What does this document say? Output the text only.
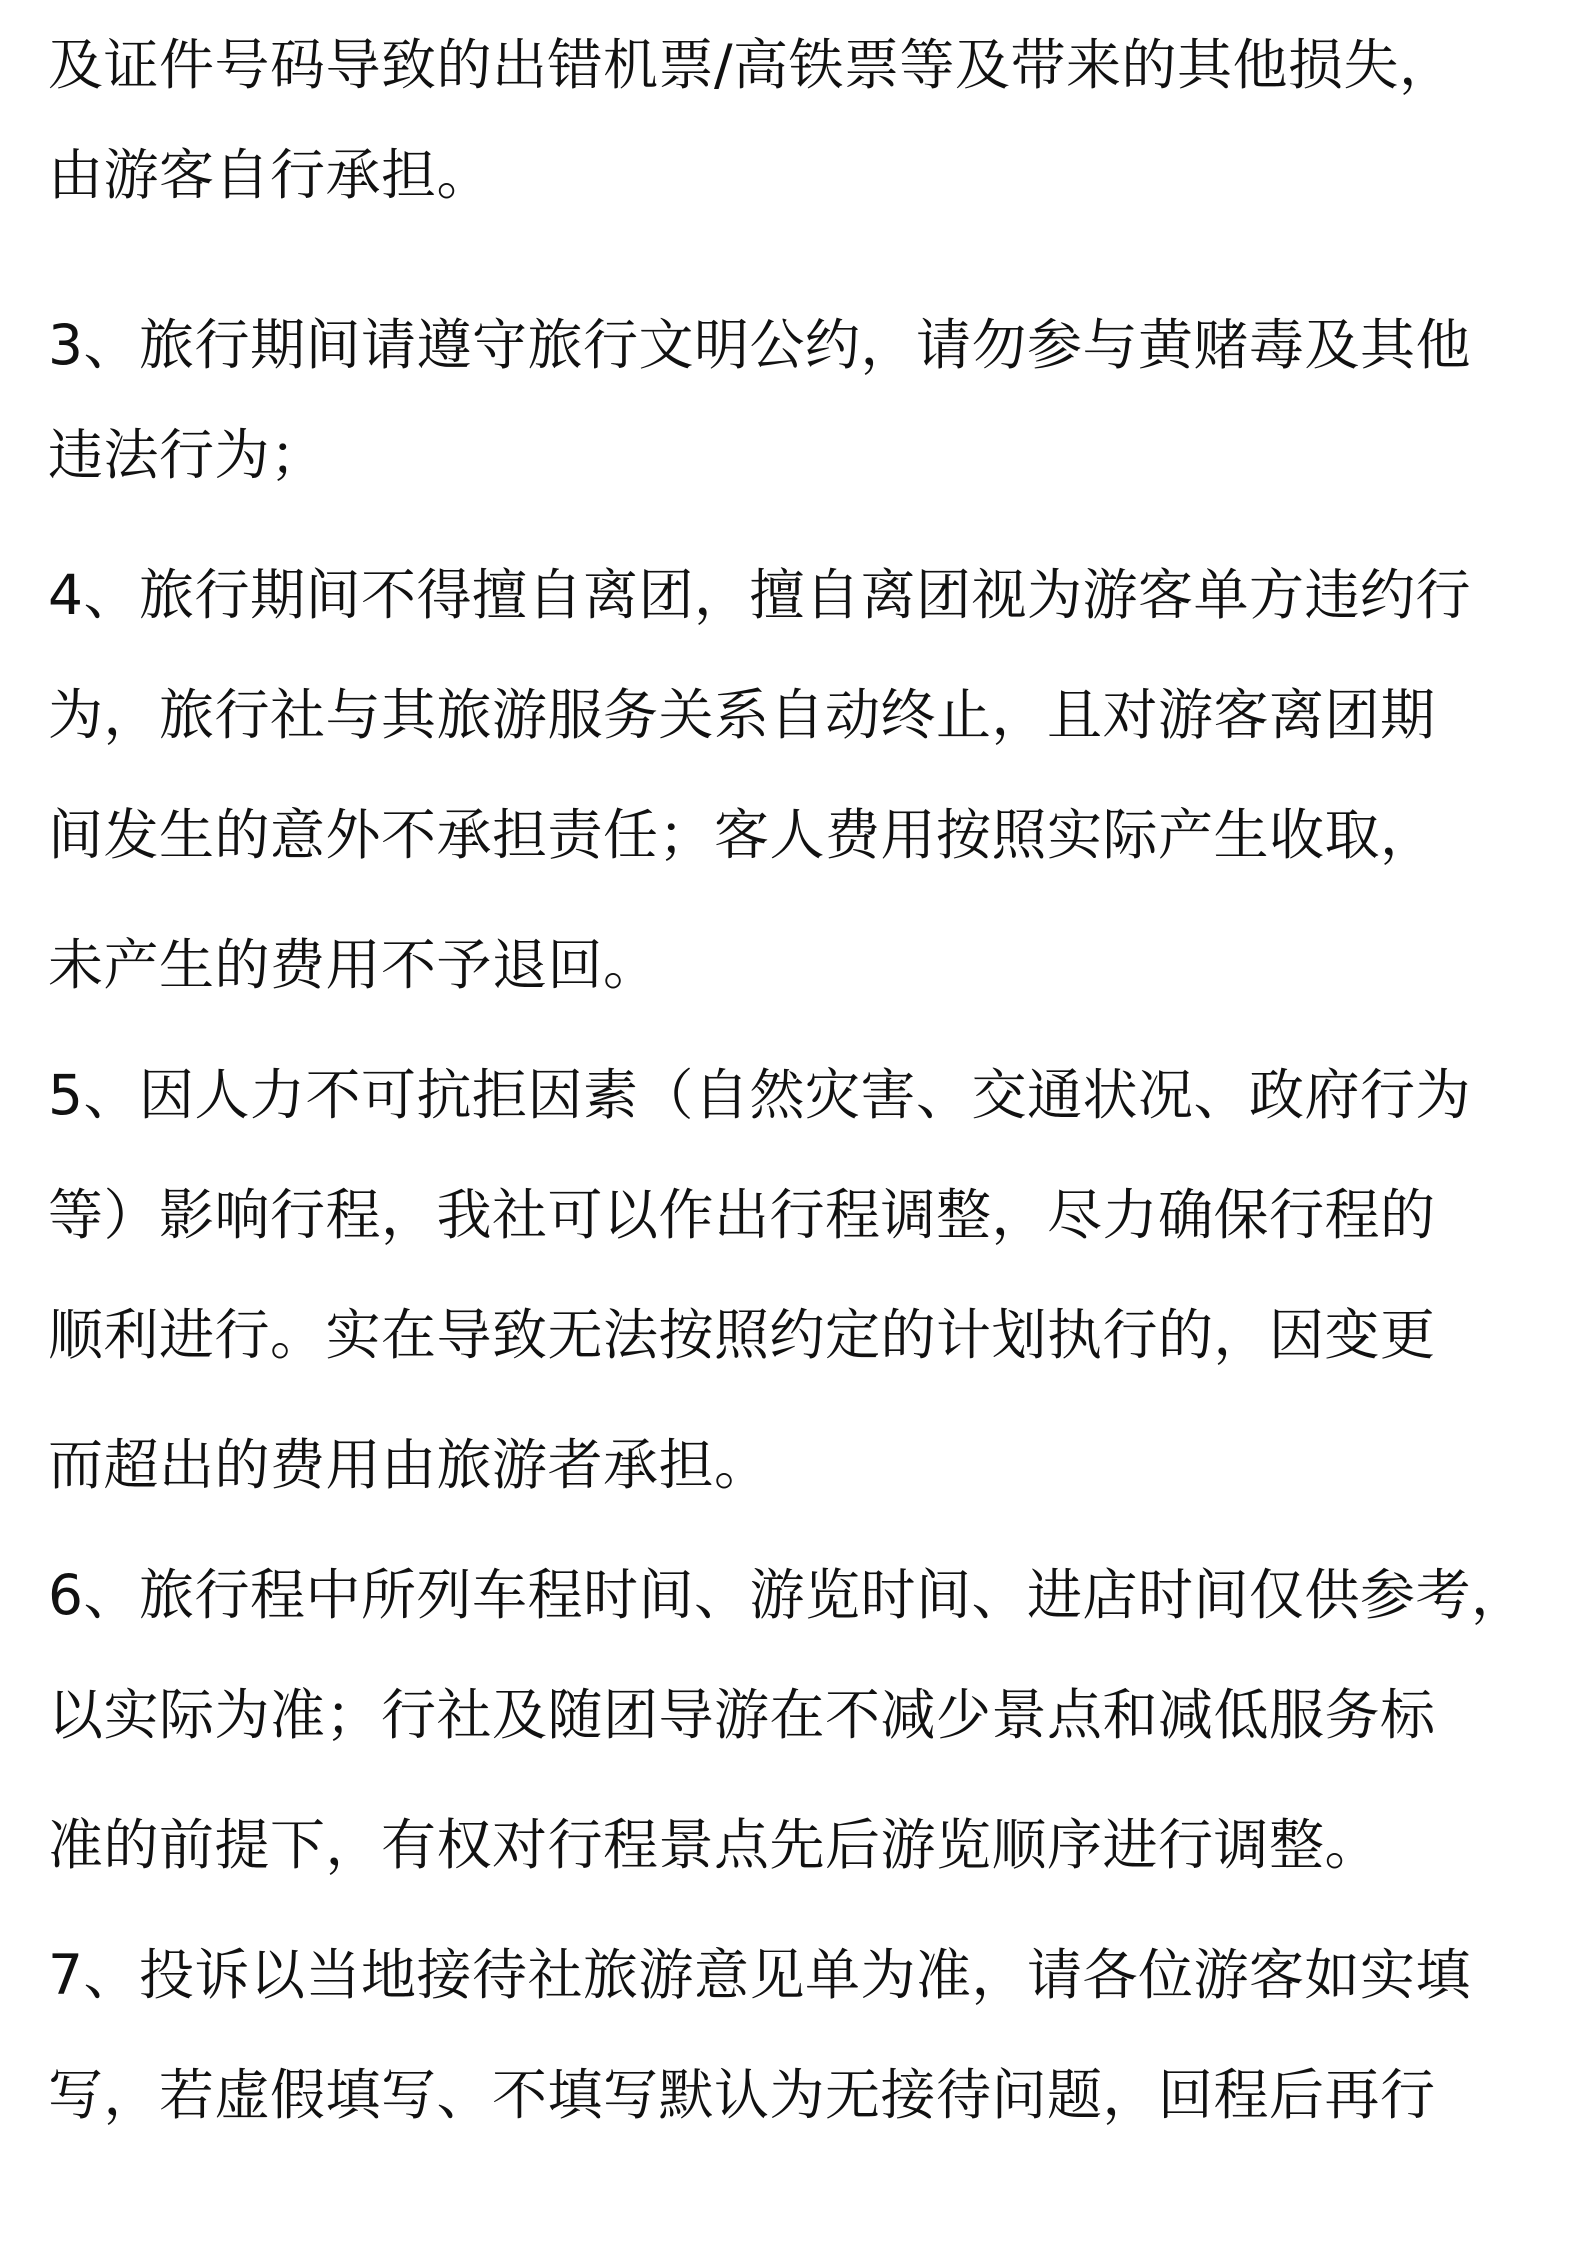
及证件号码导致的出错机票/高铁票等及带来的其他损失，
由游客自行承担。
3、旅行期间请遵守旅行文明公约，请勿参与黄赌毒及其他
违法行为；
4、旅行期间不得擅自离团，擅自离团视为游客单方违约行
为，旅行社与其旅游服务关系自动终止，且对游客离团期
间发生的意外不承担责任；客人费用按照实际产生收取，
未产生的费用不予退回。
5、因人力不可抗拒因素（自然灾害、交通状况、政府行为
等）影响行程，我社可以作出行程调整，尽力确保行程的
顺利进行。实在导致无法按照约定的计划执行的，因变更
而超出的费用由旅游者承担。
6、旅行程中所列车程时间、游览时间、进店时间仅供参考，
以实际为准；行社及随团导游在不减少景点和减低服务标
准的前提下，有权对行程景点先后游览顺序进行调整。
7、投诉以当地接待社旅游意见单为准，请各位游客如实填
写，若虚假填写、不填写默认为无接待问题，回程后再行
